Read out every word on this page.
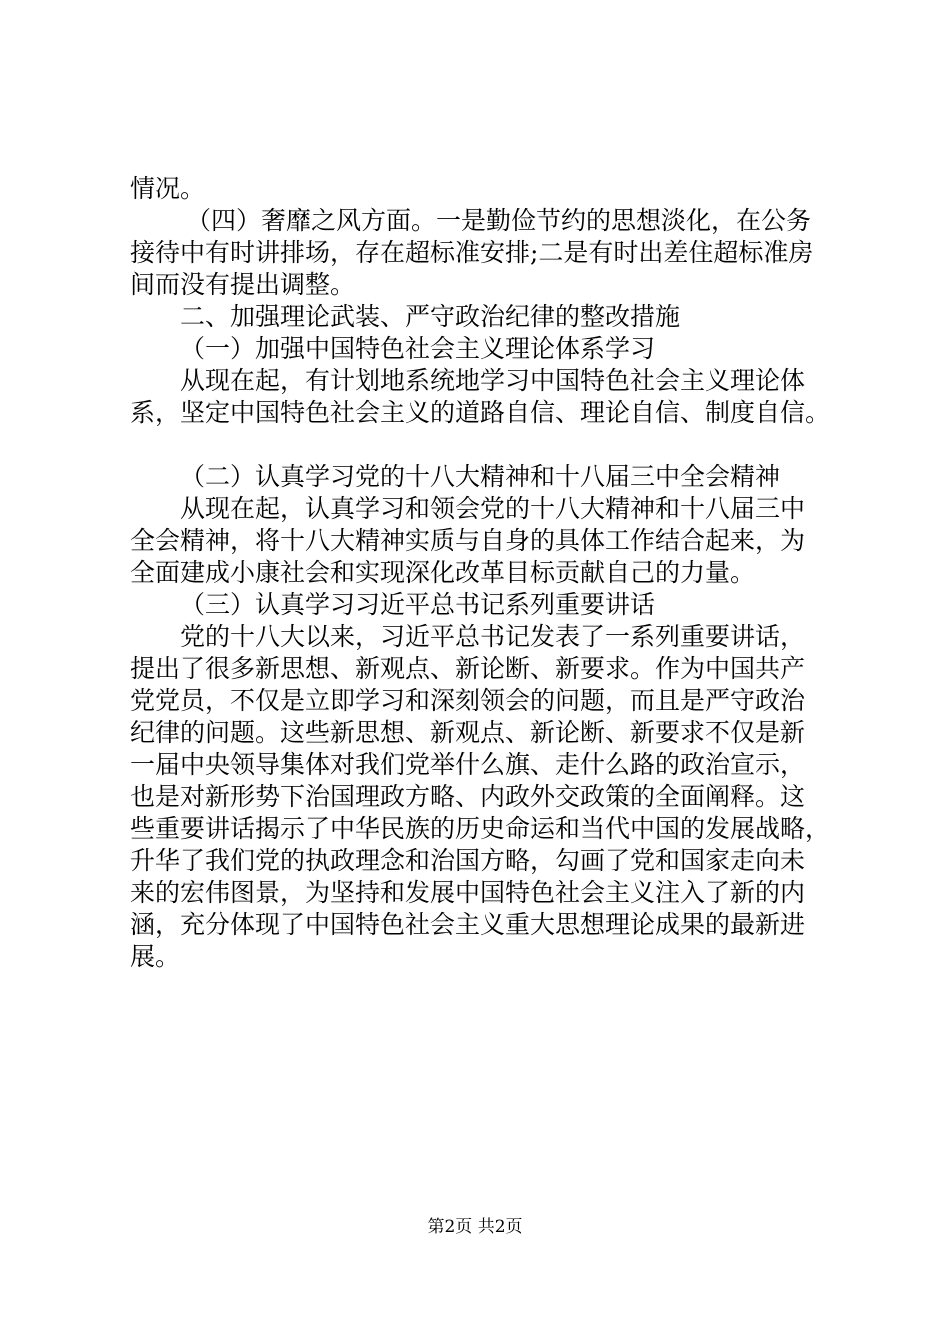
情况。
（四）奢靡之风方面。一是勤俭节约的思想淡化，在公务
接待中有时讲排场，存在超标准安排;二是有时出差住超标准房
间而没有提出调整。
二、加强理论武装、严守政治纪律的整改措施
（一）加强中国特色社会主义理论体系学习
从现在起，有计划地系统地学习中国特色社会主义理论体
系，坚定中国特色社会主义的道路自信、理论自信、制度自信。
（二）认真学习党的十八大精神和十八届三中全会精神
从现在起，认真学习和领会党的十八大精神和十八届三中
全会精神，将十八大精神实质与自身的具体工作结合起来，为
全面建成小康社会和实现深化改革目标贡献自己的力量。
（三）认真学习习近平总书记系列重要讲话
党的十八大以来，习近平总书记发表了一系列重要讲话，
提出了很多新思想、新观点、新论断、新要求。作为中国共产
党党员，不仅是立即学习和深刻领会的问题，而且是严守政治
纪律的问题。这些新思想、新观点、新论断、新要求不仅是新
一届中央领导集体对我们党举什么旗、走什么路的政治宣示，
也是对新形势下治国理政方略、内政外交政策的全面阐释。这
些重要讲话揭示了中华民族的历史命运和当代中国的发展战略，
升华了我们党的执政理念和治国方略，勾画了党和国家走向未
来的宏伟图景，为坚持和发展中国特色社会主义注入了新的内
涵，充分体现了中国特色社会主义重大思想理论成果的最新进
展。
第2页 共2页
